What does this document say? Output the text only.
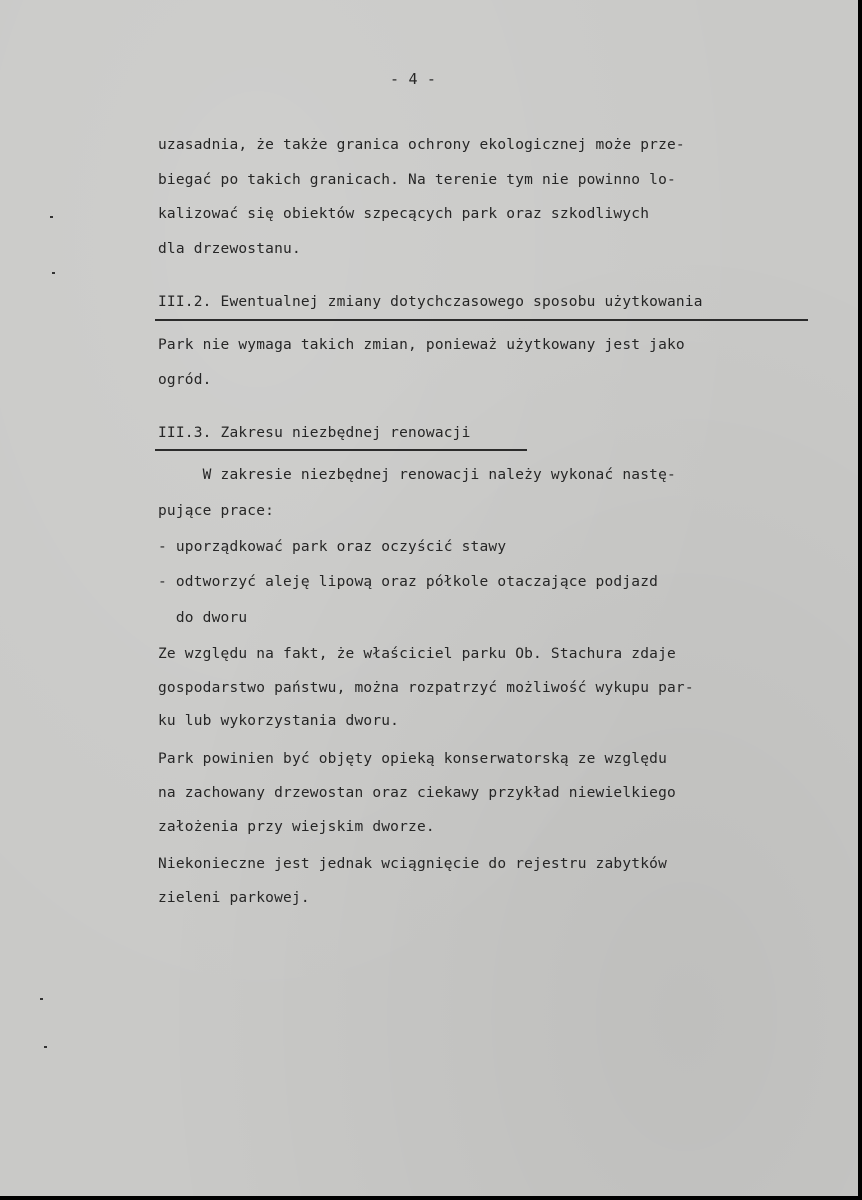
- 4 -
uzasadnia, że także granica ochrony ekologicznej może prze-
biegać po takich granicach. Na terenie tym nie powinno lo-
kalizować się obiektów szpecących park oraz szkodliwych
dla drzewostanu.
III.2. Ewentualnej zmiany dotychczasowego sposobu użytkowania
Park nie wymaga takich zmian, ponieważ użytkowany jest jako
ogród.
III.3. Zakresu niezbędnej renowacji
W zakresie niezbędnej renowacji należy wykonać nastę-
pujące prace:
- uporządkować park oraz oczyścić stawy
- odtworzyć aleję lipową oraz półkole otaczające podjazd
do dworu
Ze względu na fakt, że właściciel parku Ob. Stachura zdaje
gospodarstwo państwu, można rozpatrzyć możliwość wykupu par-
ku lub wykorzystania dworu.
Park powinien być objęty opieką konserwatorską ze względu
na zachowany drzewostan oraz ciekawy przykład niewielkiego
założenia przy wiejskim dworze.
Niekonieczne jest jednak wciągnięcie do rejestru zabytków
zieleni parkowej.
